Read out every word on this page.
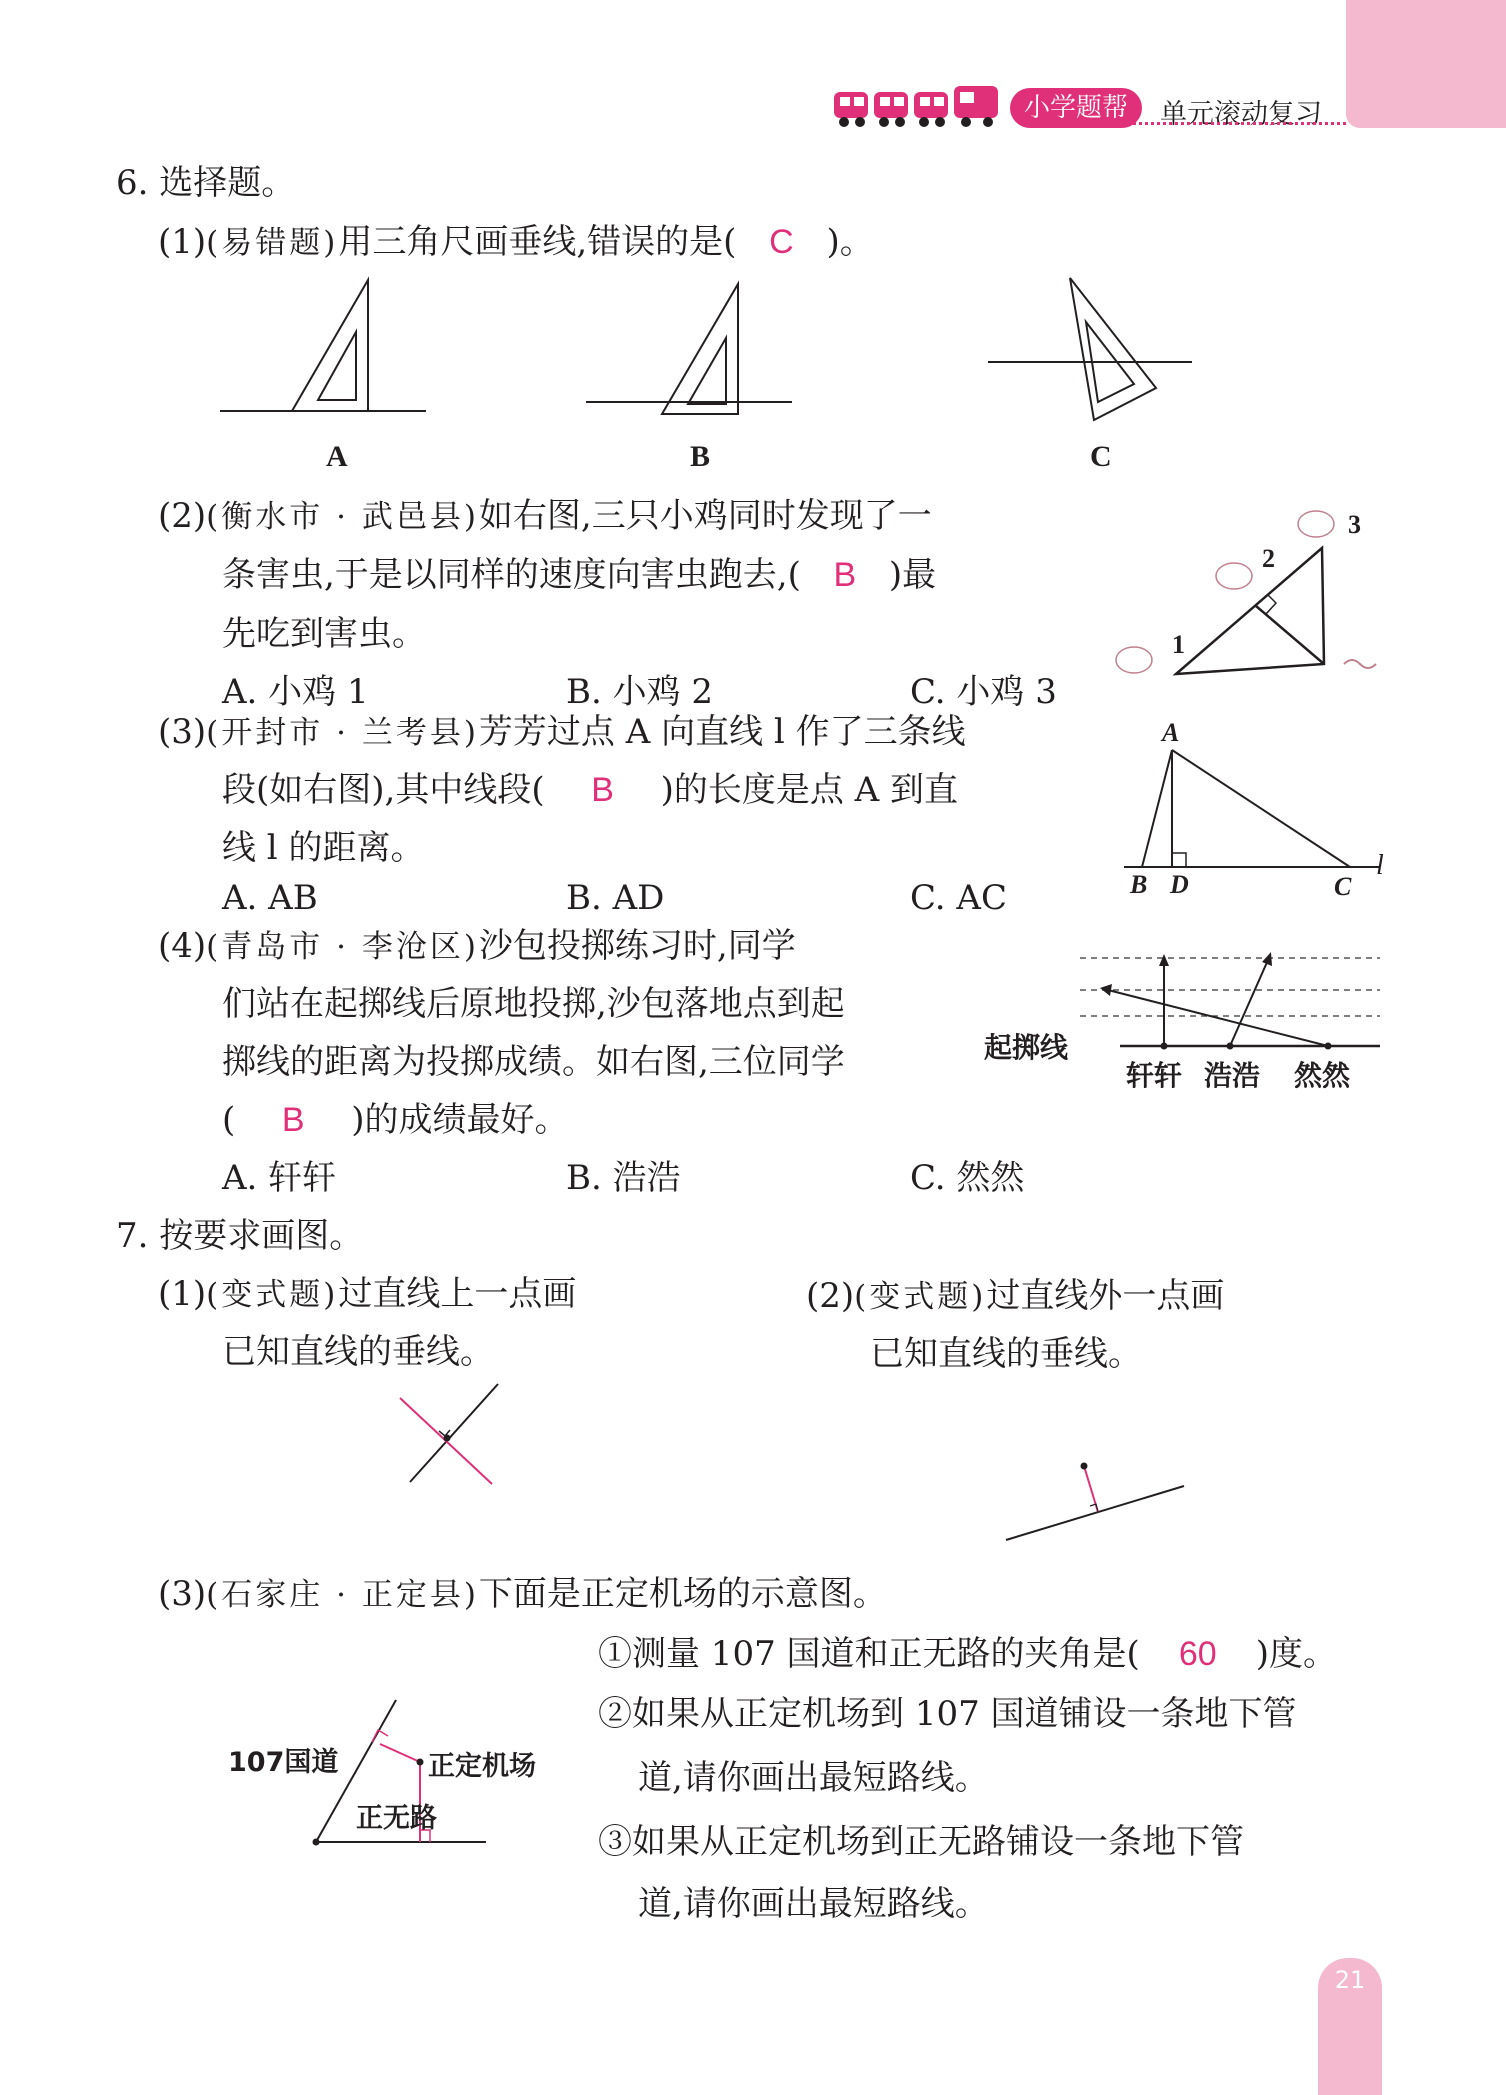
小学题帮	单元滚动复习
6. 选择题。
(1)(易错题)用三角尺画垂线,错误的是( C )。
A	B	C
(2)(衡水市 · 武邑县)如右图,三只小鸡同时发现了一
条害虫,于是以同样的速度向害虫跑去,( B )最
先吃到害虫。
A. 小鸡 1	B. 小鸡 2	C. 小鸡 3
1
2
3
(3)(开封市 · 兰考县)芳芳过点 A 向直线 l 作了三条线
段(如右图),其中线段( B )的长度是点 A 到直
线 l 的距离。
A. AB	B. AD	C. AC
A
B D	C
l
(4)(青岛市 · 李沧区)沙包投掷练习时,同学
们站在起掷线后原地投掷,沙包落地点到起
掷线的距离为投掷成绩。如右图,三位同学
( B )的成绩最好。
A. 轩轩	B. 浩浩	C. 然然
起掷线
轩轩 浩浩 然然
7. 按要求画图。
(1)(变式题)过直线上一点画
已知直线的垂线。
(2)(变式题)过直线外一点画
已知直线的垂线。
(3)(石家庄 · 正定县)下面是正定机场的示意图。
①测量 107 国道和正无路的夹角是( 60 )度。
②如果从正定机场到 107 国道铺设一条地下管
道,请你画出最短路线。
③如果从正定机场到正无路铺设一条地下管
道,请你画出最短路线。
107国道	正定机场
正无路
21
